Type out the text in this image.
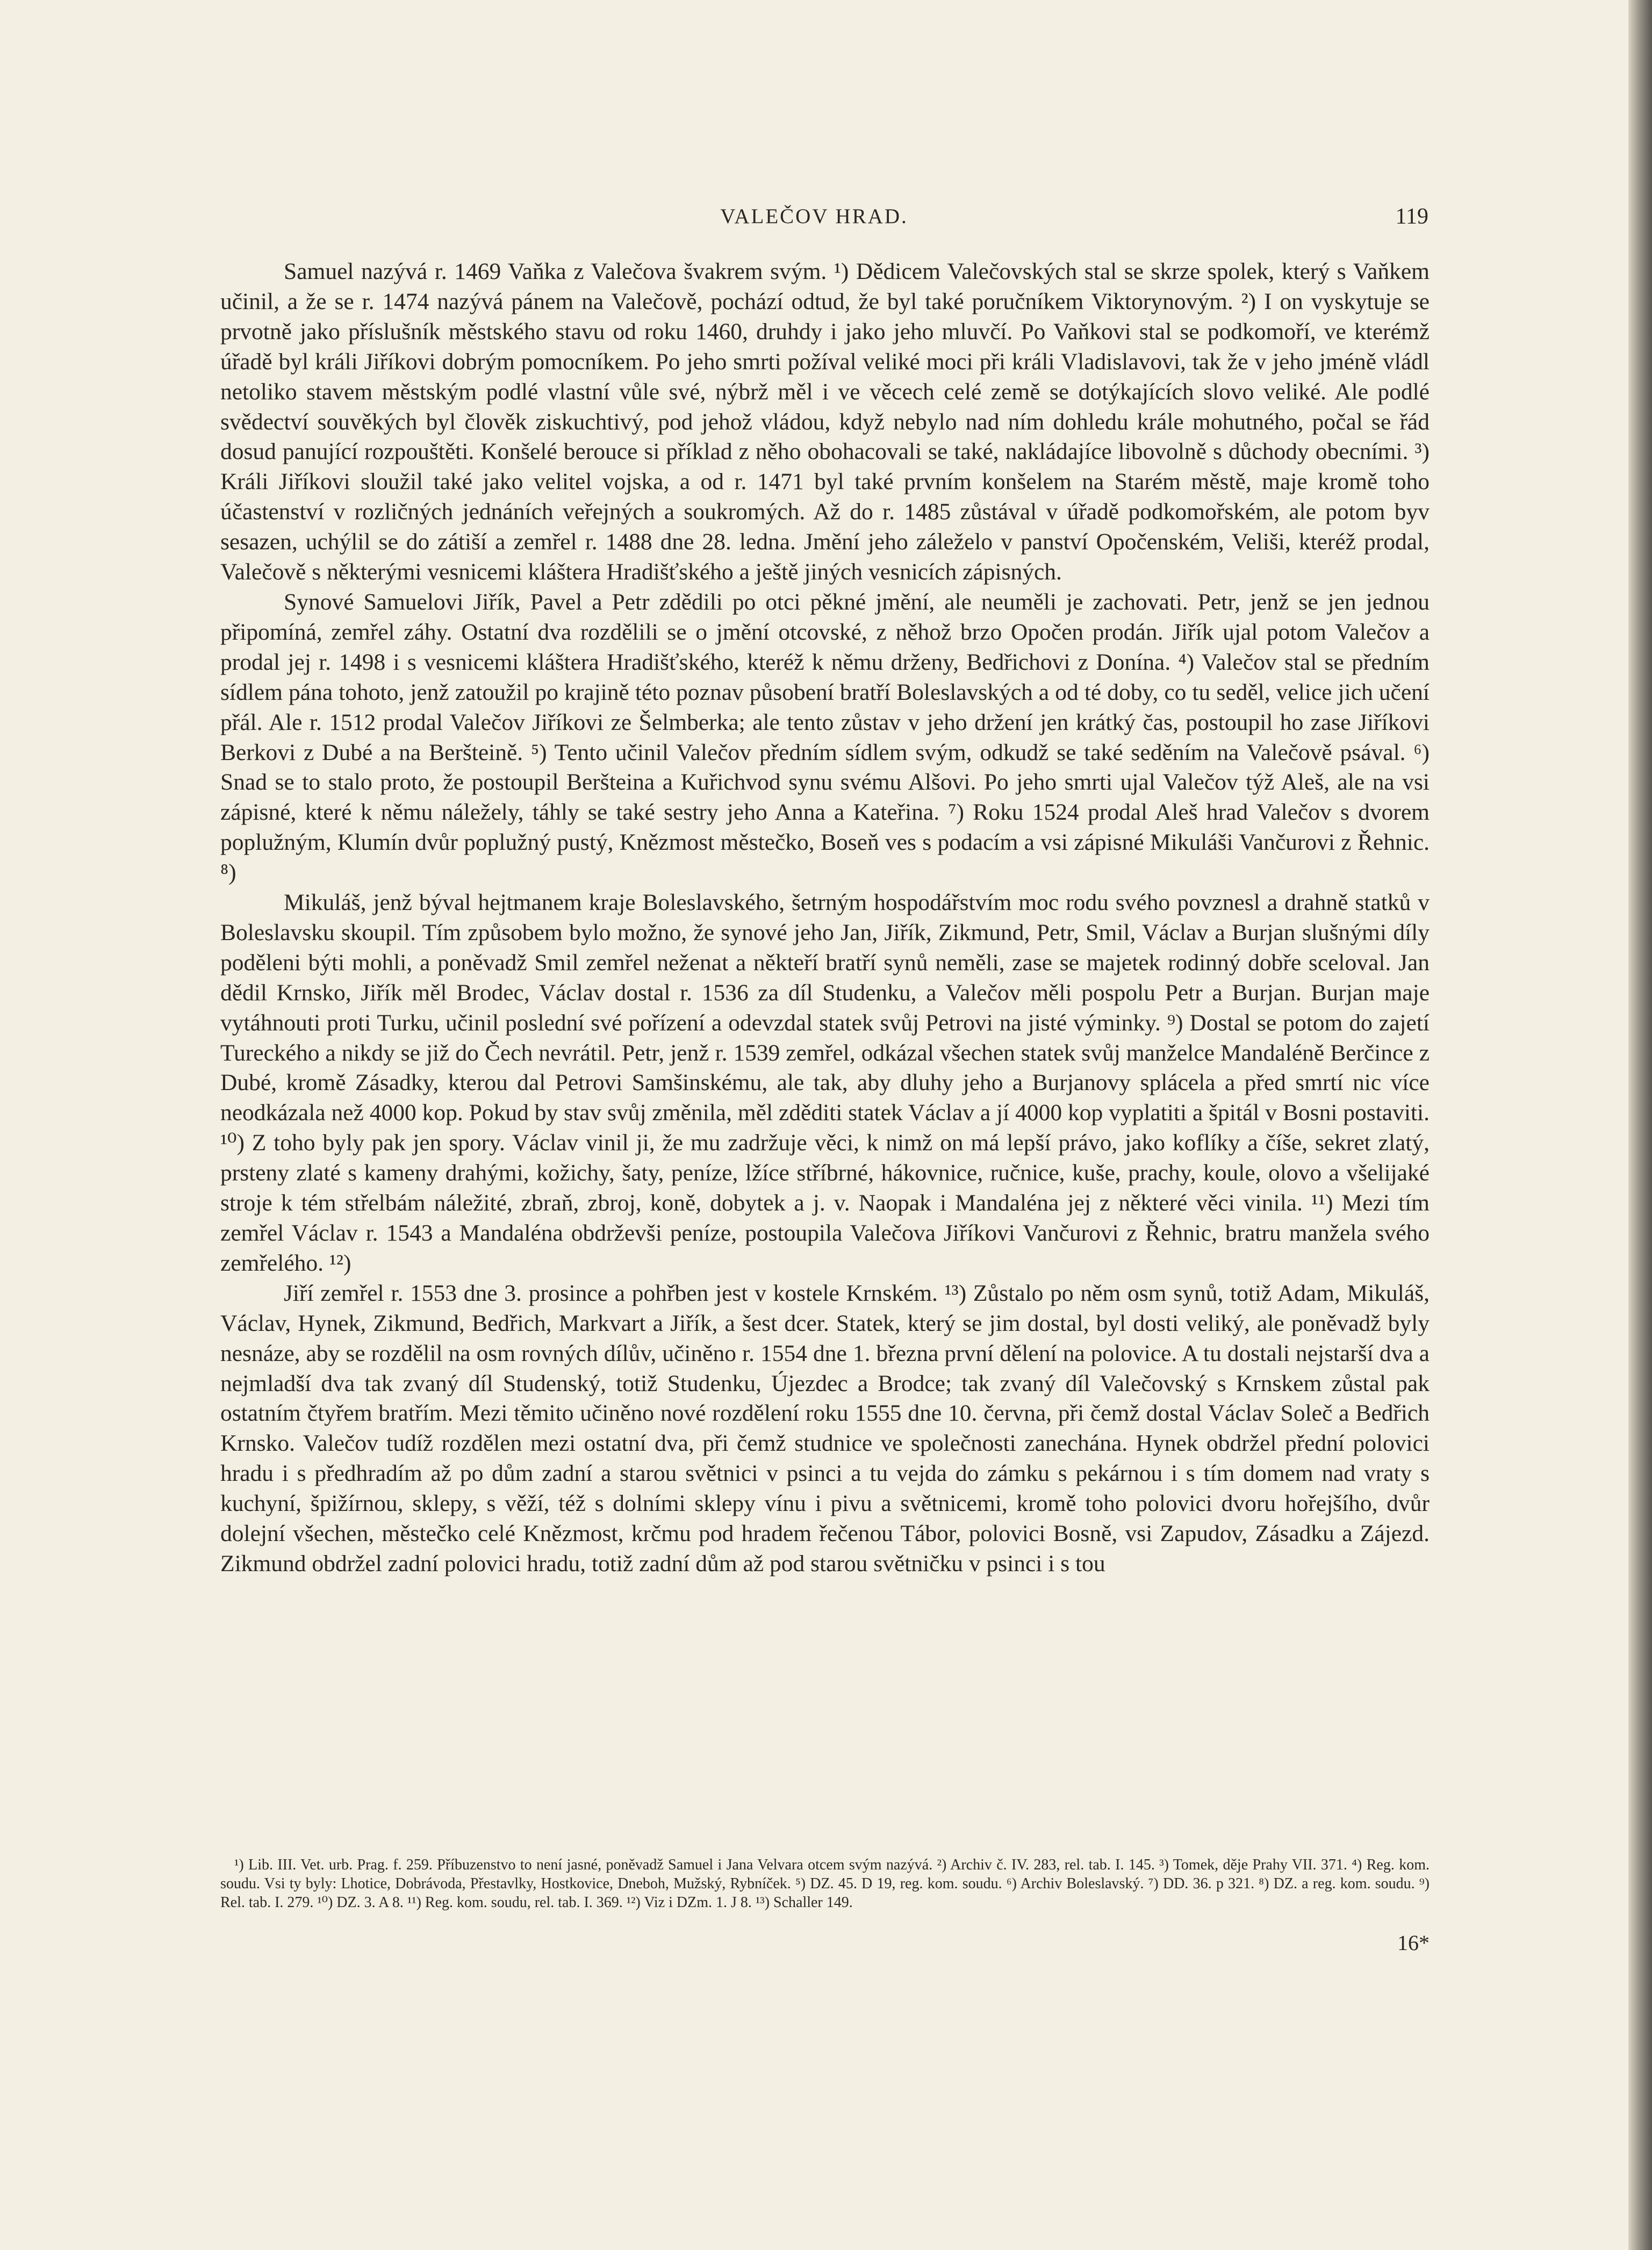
VALEČOV HRAD.	119

Samuel nazývá r. 1469 Vaňka z Valečova švakrem svým. ¹) Dědicem Valečovských stal se skrze spolek, který s Vaňkem učinil, a že se r. 1474 nazývá pánem na Valečově, pochází odtud, že byl také poručníkem Viktorynovým. ²) I on vyskytuje se prvotně jako příslušník městského stavu od roku 1460, druhdy i jako jeho mluvčí. Po Vaňkovi stal se podkomoří, ve kterémž úřadě byl králi Jiříkovi dobrým pomocníkem. Po jeho smrti požíval veliké moci při králi Vladislavovi, tak že v jeho jméně vládl netoliko stavem městským podlé vlastní vůle své, nýbrž měl i ve věcech celé země se dotýkajících slovo veliké. Ale podlé svědectví souvěkých byl člověk ziskuchtivý, pod jehož vládou, když nebylo nad ním dohledu krále mohutného, počal se řád dosud panující rozpouštěti. Konšelé berouce si příklad z něho obohacovali se také, nakládajíce libovolně s důchody obecními. ³) Králi Jiříkovi sloužil také jako velitel vojska, a od r. 1471 byl také prvním konšelem na Starém městě, maje kromě toho účastenství v rozličných jednáních veřejných a soukromých. Až do r. 1485 zůstával v úřadě podkomořském, ale potom byv sesazen, uchýlil se do zátiší a zemřel r. 1488 dne 28. ledna. Jmění jeho záleželo v panství Opočenském, Veliši, kteréž prodal, Valečově s některými vesnicemi kláštera Hradišťského a ještě jiných vesnicích zápisných.

Synové Samuelovi Jiřík, Pavel a Petr zdědili po otci pěkné jmění, ale neuměli je zachovati. Petr, jenž se jen jednou připomíná, zemřel záhy. Ostatní dva rozdělili se o jmění otcovské, z něhož brzo Opočen prodán. Jiřík ujal potom Valečov a prodal jej r. 1498 i s vesnicemi kláštera Hradišťského, kteréž k němu drženy, Bedřichovi z Donína. ⁴) Valečov stal se předním sídlem pána tohoto, jenž zatoužil po krajině této poznav působení bratří Boleslavských a od té doby, co tu seděl, velice jich učení přál. Ale r. 1512 prodal Valečov Jiříkovi ze Šelmberka; ale tento zůstav v jeho držení jen krátký čas, postoupil ho zase Jiříkovi Berkovi z Dubé a na Beršteině. ⁵) Tento učinil Valečov předním sídlem svým, odkudž se také seděním na Valečově psával. ⁶) Snad se to stalo proto, že postoupil Beršteina a Kuřichvod synu svému Alšovi. Po jeho smrti ujal Valečov týž Aleš, ale na vsi zápisné, které k němu náležely, táhly se také sestry jeho Anna a Kateřina. ⁷) Roku 1524 prodal Aleš hrad Valečov s dvorem poplužným, Klumín dvůr poplužný pustý, Knězmost městečko, Boseň ves s podacím a vsi zápisné Mikuláši Vančurovi z Řehnic. ⁸)

Mikuláš, jenž býval hejtmanem kraje Boleslavského, šetrným hospodářstvím moc rodu svého povznesl a drahně statků v Boleslavsku skoupil. Tím způsobem bylo možno, že synové jeho Jan, Jiřík, Zikmund, Petr, Smil, Václav a Burjan slušnými díly poděleni býti mohli, a poněvadž Smil zemřel neženat a někteří bratří synů neměli, zase se majetek rodinný dobře sceloval. Jan dědil Krnsko, Jiřík měl Brodec, Václav dostal r. 1536 za díl Studenku, a Valečov měli pospolu Petr a Burjan. Burjan maje vytáhnouti proti Turku, učinil poslední své pořízení a odevzdal statek svůj Petrovi na jisté výminky. ⁹) Dostal se potom do zajetí Tureckého a nikdy se již do Čech nevrátil. Petr, jenž r. 1539 zemřel, odkázal všechen statek svůj manželce Mandaléně Berčince z Dubé, kromě Zásadky, kterou dal Petrovi Samšinskému, ale tak, aby dluhy jeho a Burjanovy splácela a před smrtí nic více neodkázala než 4000 kop. Pokud by stav svůj změnila, měl zděditi statek Václav a jí 4000 kop vyplatiti a špitál v Bosni postaviti. ¹⁰) Z toho byly pak jen spory. Václav vinil ji, že mu zadržuje věci, k nimž on má lepší právo, jako koflíky a číše, sekret zlatý, prsteny zlaté s kameny drahými, kožichy, šaty, peníze, lžíce stříbrné, hákovnice, ručnice, kuše, prachy, koule, olovo a všelijaké stroje k tém střelbám náležité, zbraň, zbroj, koně, dobytek a j. v. Naopak i Mandaléna jej z některé věci vinila. ¹¹) Mezi tím zemřel Václav r. 1543 a Mandaléna obdrževši peníze, postoupila Valečova Jiříkovi Vančurovi z Řehnic, bratru manžela svého zemřelého. ¹²)

Jiří zemřel r. 1553 dne 3. prosince a pohřben jest v kostele Krnském. ¹³) Zůstalo po něm osm synů, totiž Adam, Mikuláš, Václav, Hynek, Zikmund, Bedřich, Markvart a Jiřík, a šest dcer. Statek, který se jim dostal, byl dosti veliký, ale poněvadž byly nesnáze, aby se rozdělil na osm rovných dílův, učiněno r. 1554 dne 1. března první dělení na polovice. A tu dostali nejstarší dva a nejmladší dva tak zvaný díl Studenský, totiž Studenku, Újezdec a Brodce; tak zvaný díl Valečovský s Krnskem zůstal pak ostatním čtyřem bratřím. Mezi těmito učiněno nové rozdělení roku 1555 dne 10. června, při čemž dostal Václav Soleč a Bedřich Krnsko. Valečov tudíž rozdělen mezi ostatní dva, při čemž studnice ve společnosti zanechána. Hynek obdržel přední polovici hradu i s předhradím až po dům zadní a starou světnici v psinci a tu vejda do zámku s pekárnou i s tím domem nad vraty s kuchyní, špižírnou, sklepy, s věží, též s dolními sklepy vínu i pivu a světnicemi, kromě toho polovici dvoru hořejšího, dvůr dolejní všechen, městečko celé Knězmost, krčmu pod hradem řečenou Tábor, polovici Bosně, vsi Zapudov, Zásadku a Zájezd. Zikmund obdržel zadní polovici hradu, totiž zadní dům až pod starou světničku v psinci i s tou

¹) Lib. III. Vet. urb. Prag. f. 259. Příbuzenstvo to není jasné, poněvadž Samuel i Jana Velvara otcem svým nazývá. ²) Archiv č. IV. 283, rel. tab. I. 145. ³) Tomek, děje Prahy VII. 371. ⁴) Reg. kom. soudu. Vsi ty byly: Lhotice, Dobrávoda, Přestavlky, Hostkovice, Dneboh, Mužský, Rybníček. ⁵) DZ. 45. D 19, reg. kom. soudu. ⁶) Archiv Boleslavský. ⁷) DD. 36. p 321. ⁸) DZ. a reg. kom. soudu. ⁹) Rel. tab. I. 279. ¹⁰) DZ. 3. A 8. ¹¹) Reg. kom. soudu, rel. tab. I. 369. ¹²) Viz i DZm. 1. J 8. ¹³) Schaller 149.

16*
